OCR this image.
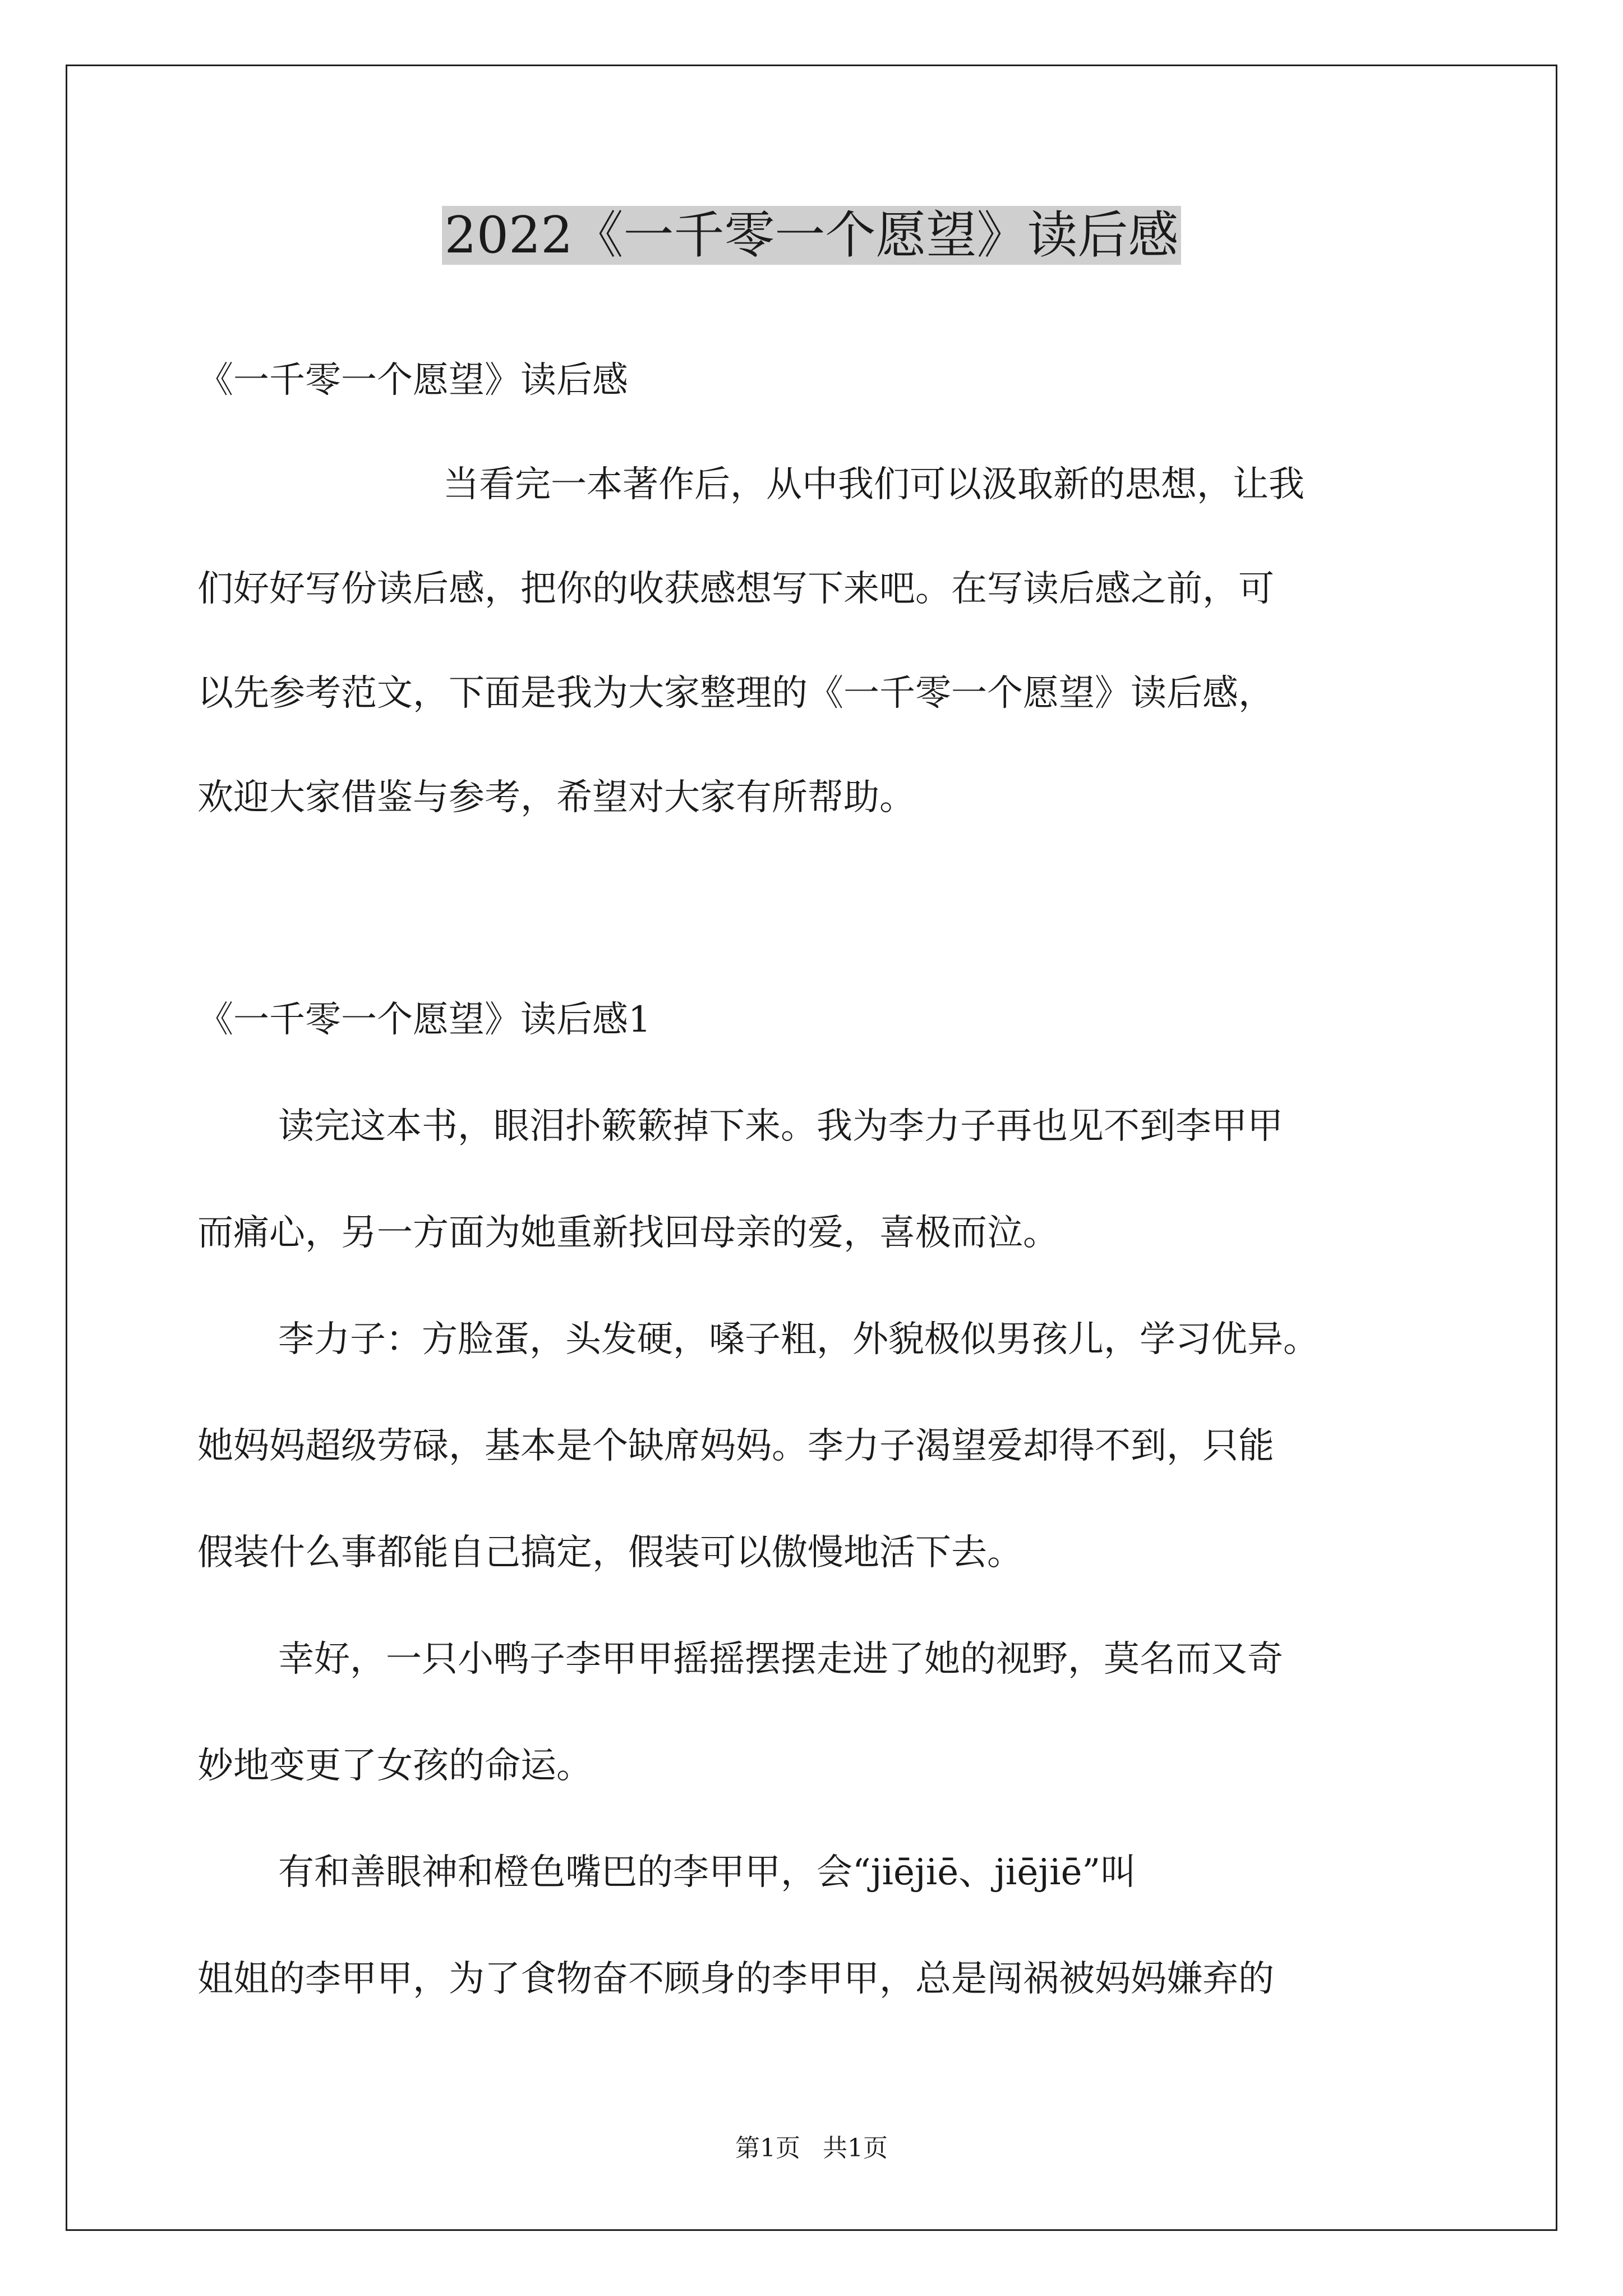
2022《一千零一个愿望》读后感
《一千零一个愿望》读后感
当看完一本著作后，从中我们可以汲取新的思想，让我
们好好写份读后感，把你的收获感想写下来吧。在写读后感之前，可
以先参考范文，下面是我为大家整理的《一千零一个愿望》读后感，
欢迎大家借鉴与参考，希望对大家有所帮助。
《一千零一个愿望》读后感1
读完这本书，眼泪扑簌簌掉下来。我为李力子再也见不到李甲甲
而痛心，另一方面为她重新找回母亲的爱，喜极而泣。
李力子：方脸蛋，头发硬，嗓子粗，外貌极似男孩儿，学习优异。
她妈妈超级劳碌，基本是个缺席妈妈。李力子渴望爱却得不到，只能
假装什么事都能自己搞定，假装可以傲慢地活下去。
幸好，一只小鸭子李甲甲摇摇摆摆走进了她的视野，莫名而又奇
妙地变更了女孩的命运。
有和善眼神和橙色嘴巴的李甲甲，会“jiējiē、jiējiē”叫
姐姐的李甲甲，为了食物奋不顾身的李甲甲，总是闯祸被妈妈嫌弃的
第1页 共1页
